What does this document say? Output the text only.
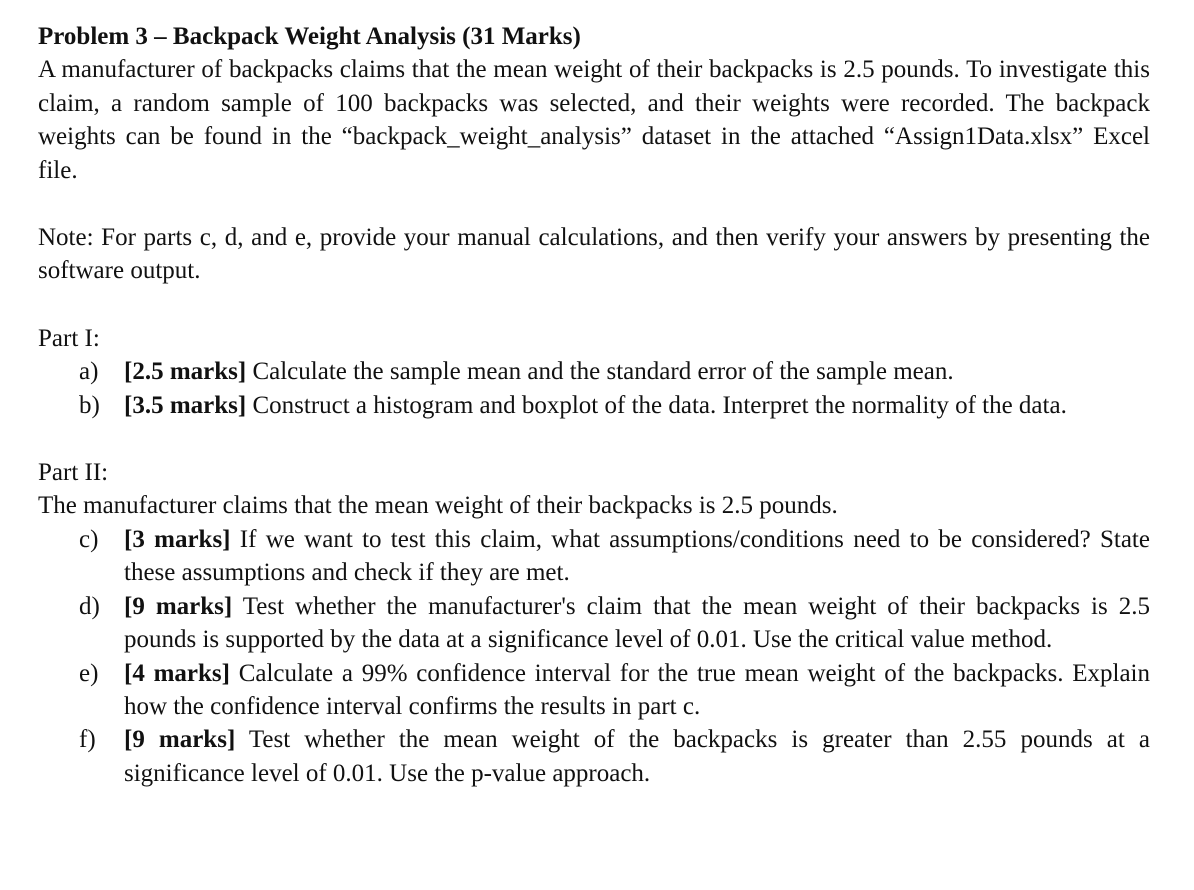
Problem 3 – Backpack Weight Analysis (31 Marks)

A manufacturer of backpacks claims that the mean weight of their backpacks is 2.5 pounds. To investigate this claim, a random sample of 100 backpacks was selected, and their weights were recorded. The backpack weights can be found in the “backpack_weight_analysis” dataset in the attached “Assign1Data.xlsx” Excel file.

Note: For parts c, d, and e, provide your manual calculations, and then verify your answers by presenting the software output.

Part I:

a) [2.5 marks] Calculate the sample mean and the standard error of the sample mean.
b) [3.5 marks] Construct a histogram and boxplot of the data. Interpret the normality of the data.

Part II:

The manufacturer claims that the mean weight of their backpacks is 2.5 pounds.

c) [3 marks] If we want to test this claim, what assumptions/conditions need to be considered? State these assumptions and check if they are met.
d) [9 marks] Test whether the manufacturer's claim that the mean weight of their backpacks is 2.5 pounds is supported by the data at a significance level of 0.01. Use the critical value method.
e) [4 marks] Calculate a 99% confidence interval for the true mean weight of the backpacks. Explain how the confidence interval confirms the results in part c.
f) [9 marks] Test whether the mean weight of the backpacks is greater than 2.55 pounds at a significance level of 0.01. Use the p-value approach.
